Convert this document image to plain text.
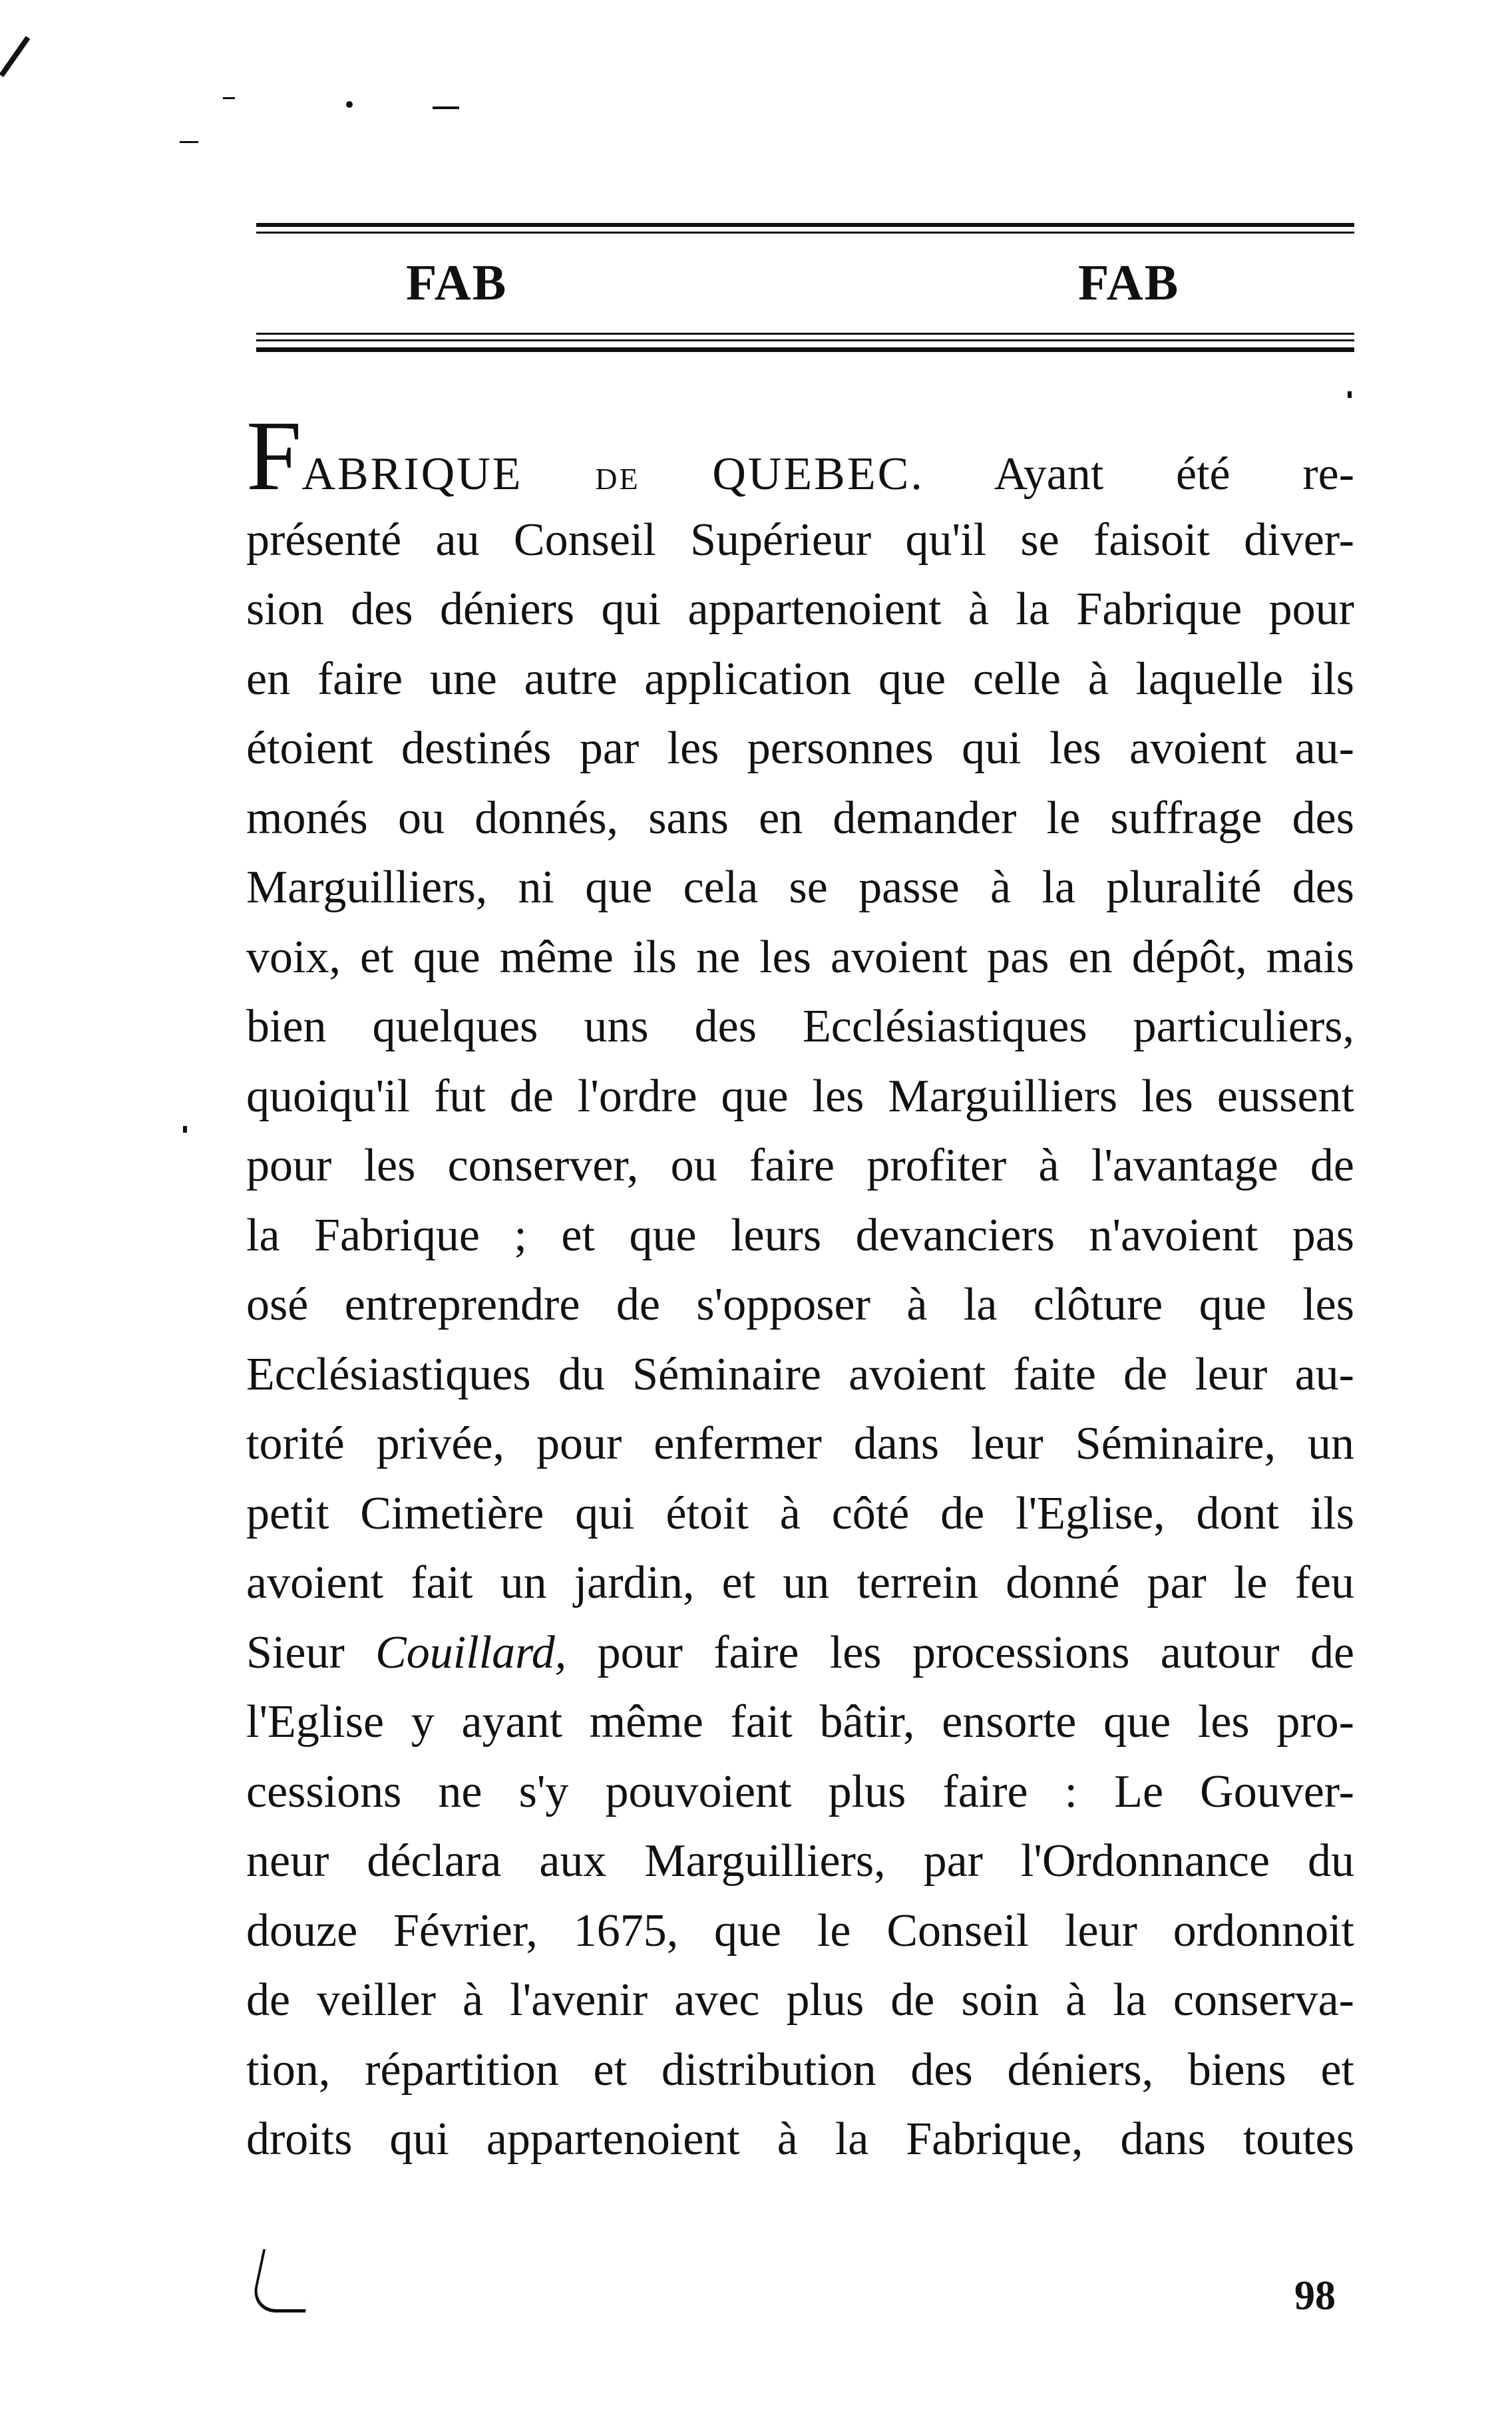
FAB	FAB
FABRIQUE DE QUEBEC. Ayant été re-
présenté au Conseil Supérieur qu'il se faisoit diver-
sion des déniers qui appartenoient à la Fabrique pour
en faire une autre application que celle à laquelle ils
étoient destinés par les personnes qui les avoient au-
monés ou donnés, sans en demander le suffrage des
Marguilliers, ni que cela se passe à la pluralité des
voix, et que même ils ne les avoient pas en dépôt, mais
bien quelques uns des Ecclésiastiques particuliers,
quoiqu'il fut de l'ordre que les Marguilliers les eussent
pour les conserver, ou faire profiter à l'avantage de
la Fabrique ; et que leurs devanciers n'avoient pas
osé entreprendre de s'opposer à la clôture que les
Ecclésiastiques du Séminaire avoient faite de leur au-
torité privée, pour enfermer dans leur Séminaire, un
petit Cimetière qui étoit à côté de l'Eglise, dont ils
avoient fait un jardin, et un terrein donné par le feu
Sieur Couillard, pour faire les processions autour de
l'Eglise y ayant même fait bâtir, ensorte que les pro-
cessions ne s'y pouvoient plus faire : Le Gouver-
neur déclara aux Marguilliers, par l'Ordonnance du
douze Février, 1675, que le Conseil leur ordonnoit
de veiller à l'avenir avec plus de soin à la conserva-
tion, répartition et distribution des déniers, biens et
droits qui appartenoient à la Fabrique, dans toutes
98
